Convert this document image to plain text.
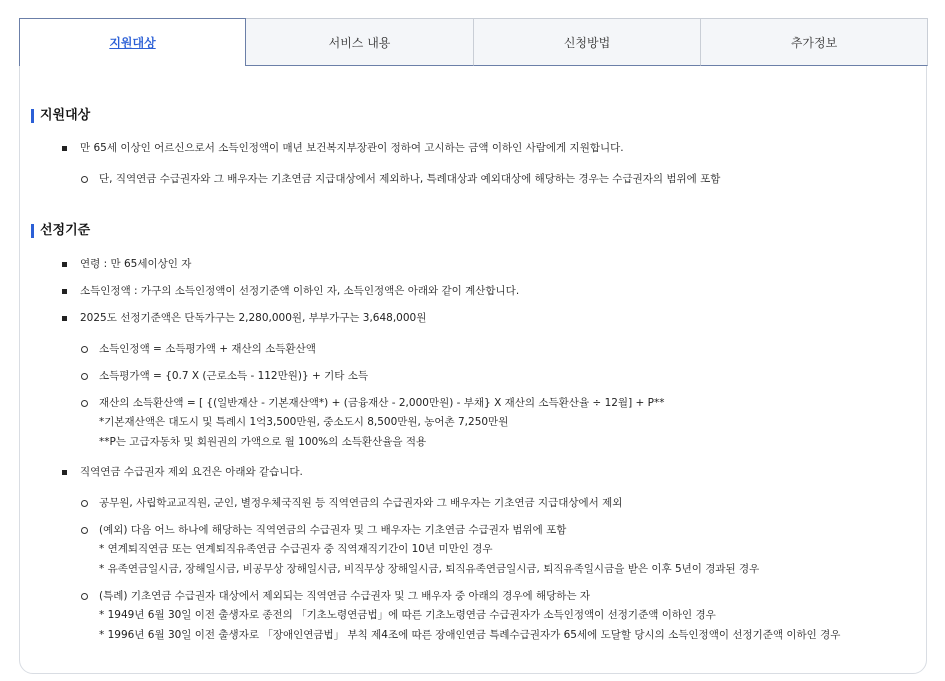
지원대상	서비스 내용	신청방법	추가정보
지원대상
만 65세 이상인 어르신으로서 소득인정액이 매년 보건복지부장관이 정하여 고시하는 금액 이하인 사람에게 지원합니다.
단, 직역연금 수급권자와 그 배우자는 기초연금 지급대상에서 제외하나, 특례대상과 예외대상에 해당하는 경우는 수급권자의 범위에 포함
선정기준
연령 : 만 65세이상인 자
소득인정액 : 가구의 소득인정액이 선정기준액 이하인 자, 소득인정액은 아래와 같이 계산합니다.
2025도 선정기준액은 단독가구는 2,280,000원, 부부가구는 3,648,000원
소득인정액 = 소득평가액 + 재산의 소득환산액
소득평가액 = {0.7 X (근로소득 - 112만원)} + 기타 소득
재산의 소득환산액 = [ {(일반재산 - 기본재산액*) + (금융재산 - 2,000만원) - 부채} X 재산의 소득환산율 ÷ 12월] + P**
*기본재산액은 대도시 및 특례시 1억3,500만원, 중소도시 8,500만원, 농어촌 7,250만원
**P는 고급자동차 및 회원권의 가액으로 월 100%의 소득환산율을 적용
직역연금 수급권자 제외 요건은 아래와 같습니다.
공무원, 사립학교교직원, 군인, 별정우체국직원 등 직역연금의 수급권자와 그 배우자는 기초연금 지급대상에서 제외
(예외) 다음 어느 하나에 해당하는 직역연금의 수급권자 및 그 배우자는 기초연금 수급권자 범위에 포함
* 연계퇴직연금 또는 연계퇴직유족연금 수급권자 중 직역재직기간이 10년 미만인 경우
* 유족연금일시금, 장해일시금, 비공무상 장해일시금, 비직무상 장해일시금, 퇴직유족연금일시금, 퇴직유족일시금을 받은 이후 5년이 경과된 경우
(특례) 기초연금 수급권자 대상에서 제외되는 직역연금 수급권자 및 그 배우자 중 아래의 경우에 해당하는 자
* 1949년 6월 30일 이전 출생자로 종전의 「기초노령연금법」에 따른 기초노령연금 수급권자가 소득인정액이 선정기준액 이하인 경우
* 1996년 6월 30일 이전 출생자로 「장애인연금법」 부칙 제4조에 따른 장애인연금 특례수급권자가 65세에 도달할 당시의 소득인정액이 선정기준액 이하인 경우
